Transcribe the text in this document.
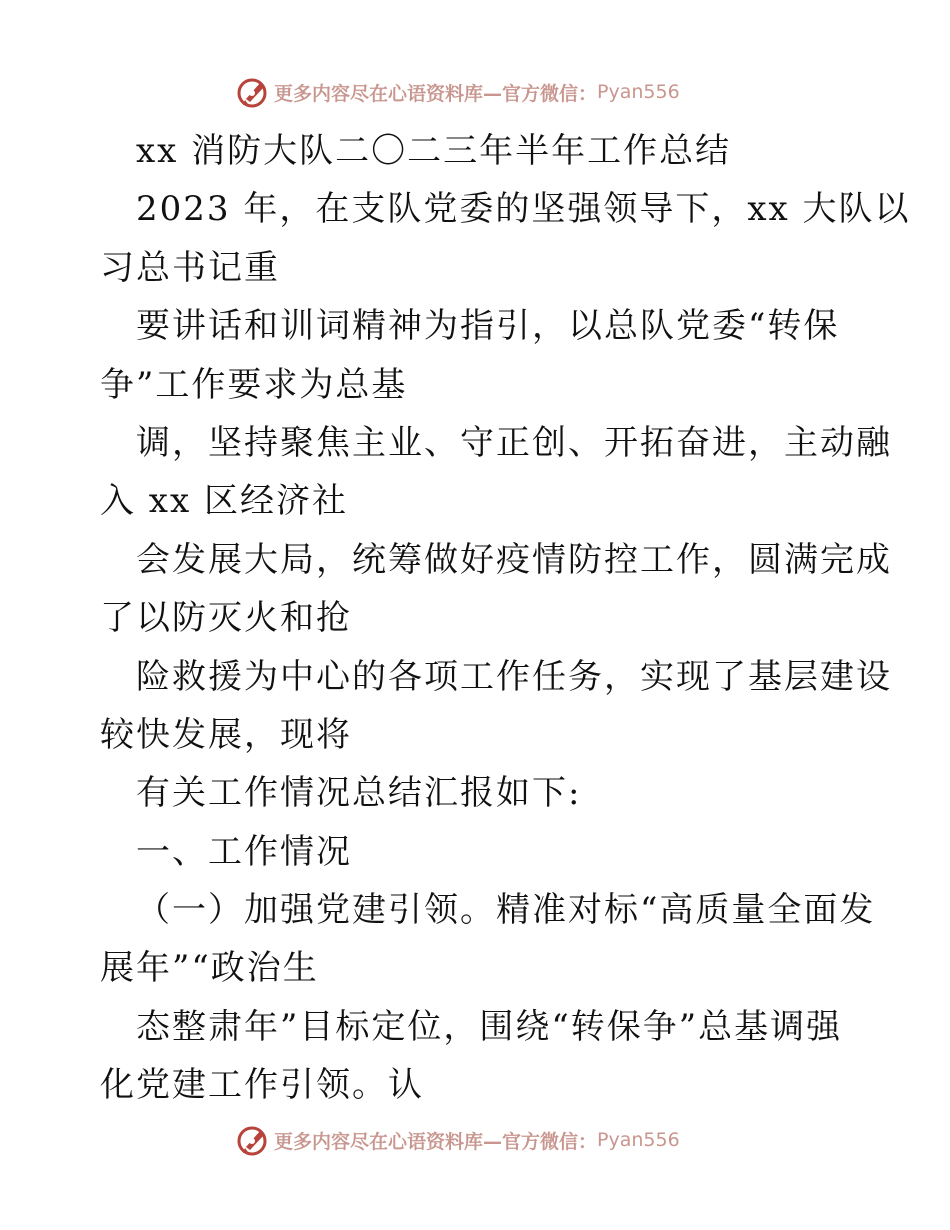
更多内容尽在心语资料库—官方微信： Pyan556
xx 消防大队二〇二三年半年工作总结
2023 年，在支队党委的坚强领导下，xx 大队以
习总书记重
要讲话和训词精神为指引，以总队党委“转保
争”工作要求为总基
调，坚持聚焦主业、守正创、开拓奋进，主动融
入 xx 区经济社
会发展大局，统筹做好疫情防控工作，圆满完成
了以防灭火和抢
险救援为中心的各项工作任务，实现了基层建设
较快发展，现将
有关工作情况总结汇报如下:
一、工作情况
（一）加强党建引领。精准对标“高质量全面发
展年”“政治生
态整肃年”目标定位，围绕“转保争”总基调强
化党建工作引领。认
更多内容尽在心语资料库—官方微信： Pyan556
